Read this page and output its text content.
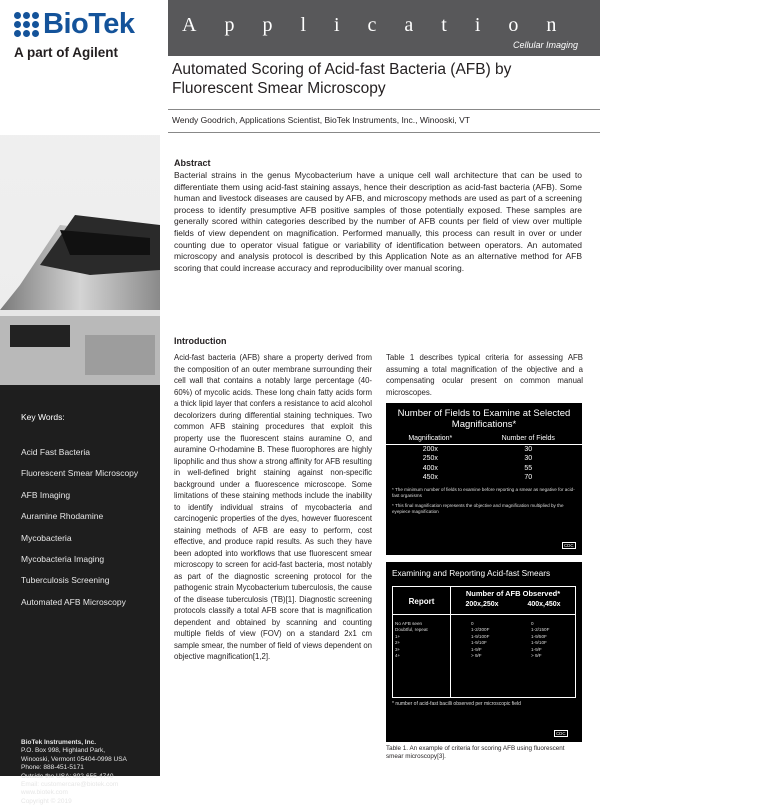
BioTek
A part of Agilent
Application Note
Cellular Imaging
Automated Scoring of Acid-fast Bacteria (AFB) by Fluorescent Smear Microscopy
Wendy Goodrich, Applications Scientist, BioTek Instruments, Inc., Winooski, VT
Key Words:
Acid Fast Bacteria
Fluorescent Smear Microscopy
AFB Imaging
Auramine Rhodamine
Mycobacteria
Mycobacteria Imaging
Tuberculosis Screening
Automated AFB Microscopy
BioTek Instruments, Inc.
P.O. Box 998, Highland Park,
Winooski, Vermont 05404-0998 USA
Phone: 888-451-5171
Outside the USA: 802-655-4740
Email: customercare@biotek.com
www.biotek.com
Copyright © 2019
Abstract
Bacterial strains in the genus Mycobacterium have a unique cell wall architecture that can be used to differentiate them using acid-fast staining assays, hence their description as acid-fast bacteria (AFB). Some human and livestock diseases are caused by AFB, and microscopy methods are used as part of a screening process to identify presumptive AFB positive samples of those potentially exposed. These samples are generally scored within categories described by the number of AFB counts per field of view over multiple fields of view dependent on magnification. Performed manually, this process can result in over or under counting due to operator visual fatigue or variability of identification between operators. An automated microscopy and analysis protocol is described by this Application Note as an alternative method for AFB scoring that could increase accuracy and reproducibility over manual scoring.
Introduction
Acid-fast bacteria (AFB) share a property derived from the composition of an outer membrane surrounding their cell wall that contains a notably large percentage (40-60%) of mycolic acids. These long chain fatty acids form a thick lipid layer that confers a resistance to acid alcohol decolorizers during differential staining techniques. Two common AFB staining procedures that exploit this property use the fluorescent stains auramine O, and auramine O-rhodamine B. These fluorophores are highly lipophilic and thus show a strong affinity for AFB resulting in well-defined bright staining against non-specific background under a fluorescence microscope. Some limitations of these staining methods include the inability to identify individual strains of mycobacteria and carcinogenic properties of the dyes, however fluorescent staining methods of AFB are easy to perform, cost effective, and produce rapid results. As such they have been adopted into workflows that use fluorescent smear microscopy to screen for acid-fast bacteria, most notably as part of the diagnostic screening protocol for the pathogenic strain Mycobacterium tuberculosis, the cause of the disease tuberculosis (TB)[1]. Diagnostic screening protocols classify a total AFB score that is magnification dependent and obtained by scanning and counting multiple fields of view (FOV) on a standard 2x1 cm sample smear, the number of field of views dependent on objective magnification[1,2].
Table 1 describes typical criteria for assessing AFB assuming a total magnification of the objective and a compensating ocular present on common manual microscopes.
Number of Fields to Examine at Selected Magnifications*
Magnification*	Number of Fields
200x	30
250x	30
400x	55
450x	70
* The minimum number of fields to examine before reporting a smear as negative for acid-fast organisms
* This final magnification represents the objective and magnification multiplied by the eyepiece magnification
CDC
Examining and Reporting Acid-fast Smears
Report
Number of AFB Observed*
200x,250x	400x,450x
No AFB seen	0	0
Doubtful, repeat	1-2/300F	1-2/150F
1+	1-9/100F	1-9/50F
2+	1-9/10F	1-9/10F
3+	1-9/F	1-9/F
4+	> 9/F	> 9/F
* number of acid-fast bacilli observed per microscopic field
CDC
Table 1. An example of criteria for scoring AFB using fluorescent smear microscopy[3].
